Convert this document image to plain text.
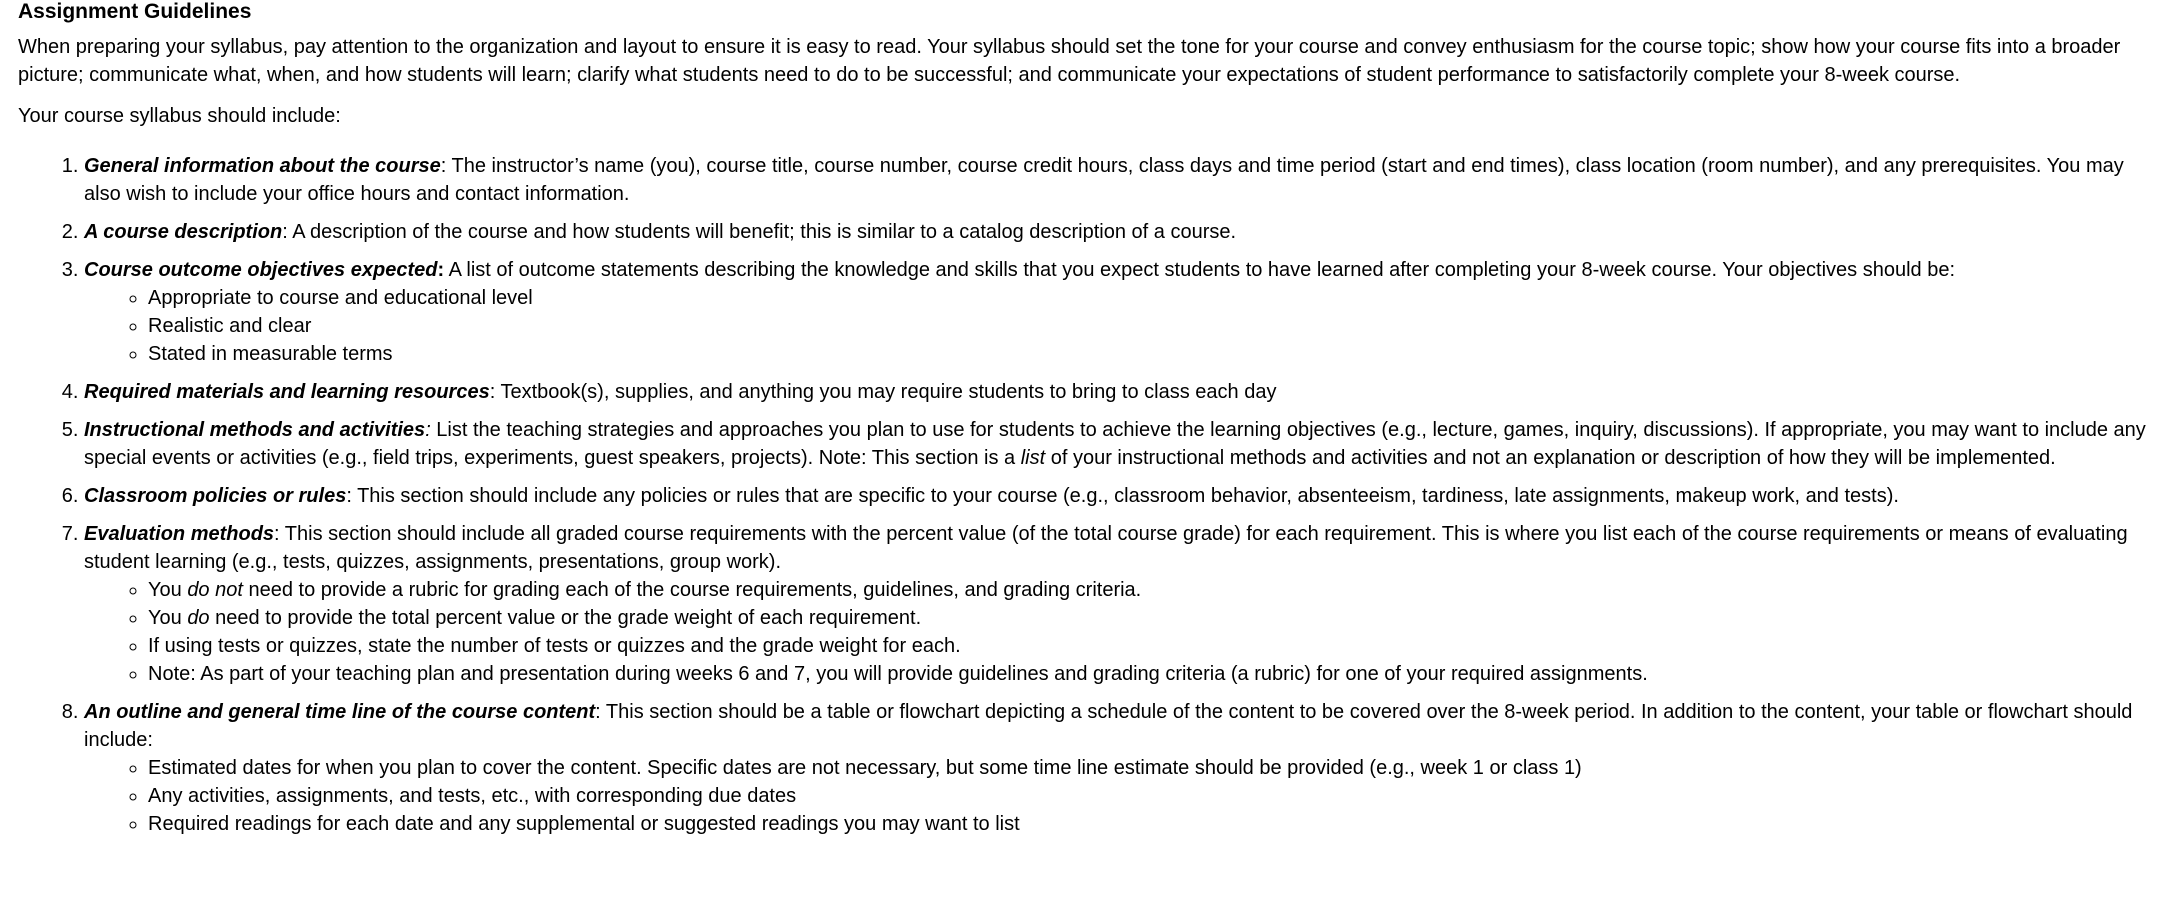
Assignment Guidelines

When preparing your syllabus, pay attention to the organization and layout to ensure it is easy to read. Your syllabus should set the tone for your course and convey enthusiasm for the course topic; show how your course fits into a broader picture; communicate what, when, and how students will learn; clarify what students need to do to be successful; and communicate your expectations of student performance to satisfactorily complete your 8-week course.

Your course syllabus should include:

1. General information about the course: The instructor’s name (you), course title, course number, course credit hours, class days and time period (start and end times), class location (room number), and any prerequisites. You may also wish to include your office hours and contact information.
2. A course description: A description of the course and how students will benefit; this is similar to a catalog description of a course.
3. Course outcome objectives expected: A list of outcome statements describing the knowledge and skills that you expect students to have learned after completing your 8-week course. Your objectives should be:
◦ Appropriate to course and educational level
◦ Realistic and clear
◦ Stated in measurable terms
4. Required materials and learning resources: Textbook(s), supplies, and anything you may require students to bring to class each day
5. Instructional methods and activities: List the teaching strategies and approaches you plan to use for students to achieve the learning objectives (e.g., lecture, games, inquiry, discussions). If appropriate, you may want to include any special events or activities (e.g., field trips, experiments, guest speakers, projects). Note: This section is a list of your instructional methods and activities and not an explanation or description of how they will be implemented.
6. Classroom policies or rules: This section should include any policies or rules that are specific to your course (e.g., classroom behavior, absenteeism, tardiness, late assignments, makeup work, and tests).
7. Evaluation methods: This section should include all graded course requirements with the percent value (of the total course grade) for each requirement. This is where you list each of the course requirements or means of evaluating student learning (e.g., tests, quizzes, assignments, presentations, group work).
◦ You do not need to provide a rubric for grading each of the course requirements, guidelines, and grading criteria.
◦ You do need to provide the total percent value or the grade weight of each requirement.
◦ If using tests or quizzes, state the number of tests or quizzes and the grade weight for each.
◦ Note: As part of your teaching plan and presentation during weeks 6 and 7, you will provide guidelines and grading criteria (a rubric) for one of your required assignments.
8. An outline and general time line of the course content: This section should be a table or flowchart depicting a schedule of the content to be covered over the 8-week period. In addition to the content, your table or flowchart should include:
◦ Estimated dates for when you plan to cover the content. Specific dates are not necessary, but some time line estimate should be provided (e.g., week 1 or class 1)
◦ Any activities, assignments, and tests, etc., with corresponding due dates
◦ Required readings for each date and any supplemental or suggested readings you may want to list
